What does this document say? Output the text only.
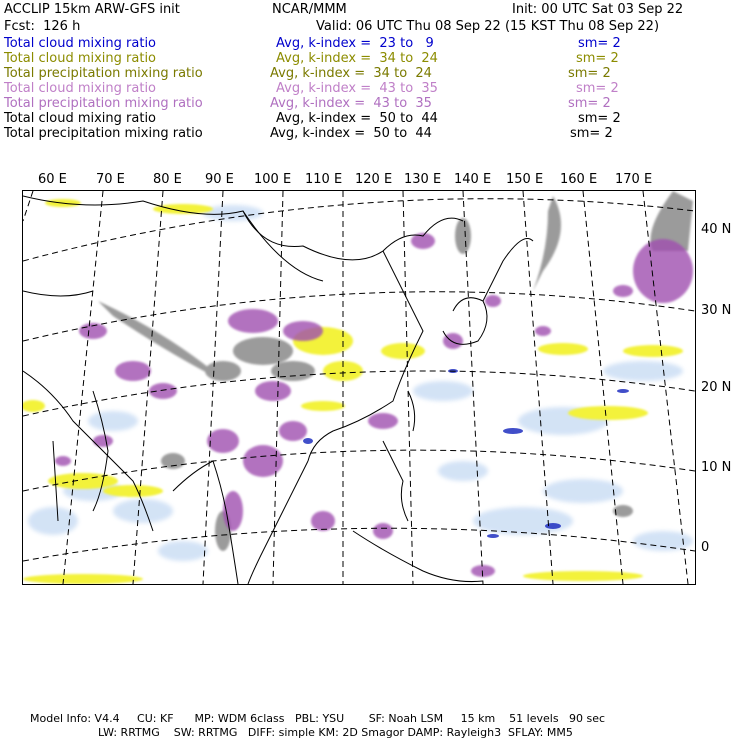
ACCLIP 15km ARW-GFS init	NCAR/MMM	Init: 00 UTC Sat 03 Sep 22
Fcst:  126 h	Valid: 06 UTC Thu 08 Sep 22 (15 KST Thu 08 Sep 22)
Total cloud mixing ratio	Avg, k-index =  23 to   9	sm= 2
Total cloud mixing ratio	Avg, k-index =  34 to  24	sm= 2
Total precipitation mixing ratio	Avg, k-index =  34 to  24	sm= 2
Total cloud mixing ratio	Avg, k-index =  43 to  35	sm= 2
Total precipitation mixing ratio	Avg, k-index =  43 to  35	sm= 2
Total cloud mixing ratio	Avg, k-index =  50 to  44	sm= 2
Total precipitation mixing ratio	Avg, k-index =  50 to  44	sm= 2
60 E 70 E 80 E 90 E 100 E 110 E 120 E 130 E 140 E 150 E 160 E 170 E
40 N
30 N
20 N
10 N
0
Model Info: V4.4     CU: KF      MP: WDM 6class   PBL: YSU       SF: Noah LSM     15 km    51 levels   90 sec
LW: RRTMG    SW: RRTMG   DIFF: simple KM: 2D Smagor DAMP: Rayleigh3  SFLAY: MM5
